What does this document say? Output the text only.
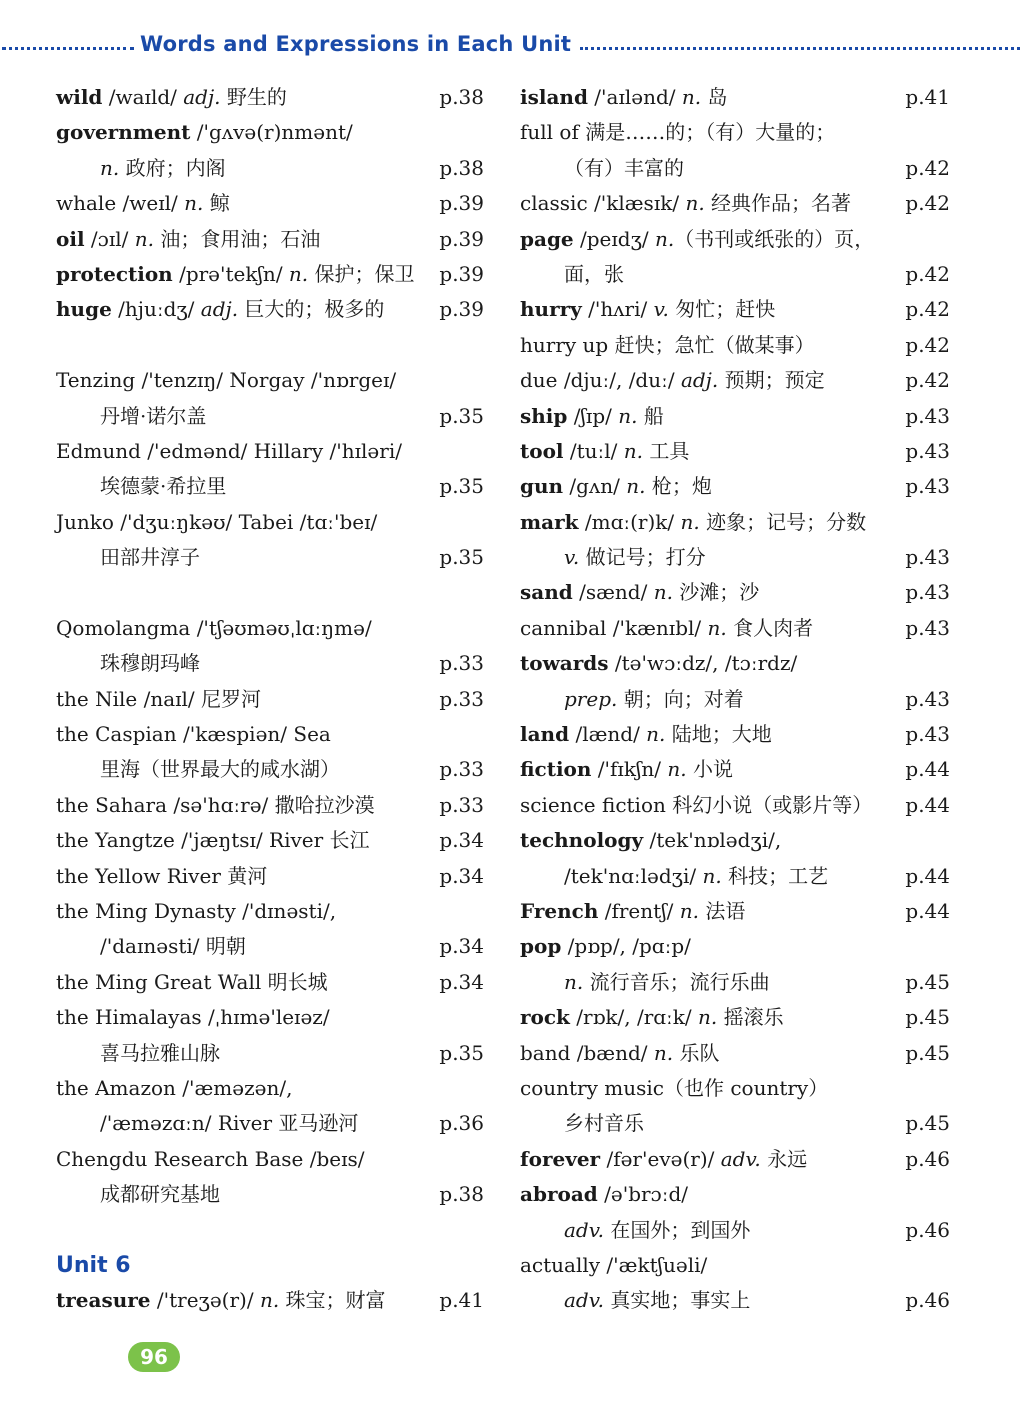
Words and Expressions in Each Unit
wild /waɪld/ adj. 野生的	p.38
government /'gʌvə(r)nmənt/
n. 政府；内阁	p.38
whale /weɪl/ n. 鲸	p.39
oil /ɔɪl/ n. 油；食用油；石油	p.39
protection /prə'tekʃn/ n. 保护；保卫 p.39
huge /hjuːdʒ/ adj. 巨大的；极多的	p.39
Tenzing /'tenzɪŋ/ Norgay /'nɒrgeɪ/
丹增·诺尔盖	p.35
Edmund /'edmənd/ Hillary /'hɪləri/
埃德蒙·希拉里	p.35
Junko /'dʒuːŋkəʊ/ Tabei /tɑː'beɪ/
田部井淳子	p.35
Qomolangma /'tʃəʊməʊˌlɑːŋmə/
珠穆朗玛峰	p.33
the Nile /naɪl/ 尼罗河	p.33
the Caspian /'kæspiən/ Sea
里海（世界最大的咸水湖）	p.33
the Sahara /sə'hɑːrə/ 撒哈拉沙漠	p.33
the Yangtze /'jæŋtsɪ/ River 长江	p.34
the Yellow River 黄河	p.34
the Ming Dynasty /'dɪnəsti/,
/'daɪnəsti/ 明朝	p.34
the Ming Great Wall 明长城	p.34
the Himalayas /ˌhɪmə'leɪəz/
喜马拉雅山脉	p.35
the Amazon /'æməzən/,
/'æməzɑːn/ River 亚马逊河	p.36
Chengdu Research Base /beɪs/
成都研究基地	p.38
Unit 6
treasure /'treʒə(r)/ n. 珠宝；财富	p.41
island /'aɪlənd/ n. 岛	p.41
full of 满是……的；（有）大量的；
（有）丰富的	p.42
classic /'klæsɪk/ n. 经典作品；名著	p.42
page /peɪdʒ/ n.（书刊或纸张的）页，
面，张	p.42
hurry /'hʌri/ v. 匆忙；赶快	p.42
hurry up 赶快；急忙（做某事）	p.42
due /djuː/, /duː/ adj. 预期；预定	p.42
ship /ʃɪp/ n. 船	p.43
tool /tuːl/ n. 工具	p.43
gun /gʌn/ n. 枪；炮	p.43
mark /mɑː(r)k/ n. 迹象；记号；分数
v. 做记号；打分	p.43
sand /sænd/ n. 沙滩；沙	p.43
cannibal /'kænɪbl/ n. 食人肉者	p.43
towards /tə'wɔːdz/, /tɔːrdz/
prep. 朝；向；对着	p.43
land /lænd/ n. 陆地；大地	p.43
fiction /'fɪkʃn/ n. 小说	p.44
science fiction 科幻小说（或影片等） p.44
technology /tek'nɒlədʒi/,
/tek'nɑːlədʒi/ n. 科技；工艺	p.44
French /frentʃ/ n. 法语	p.44
pop /pɒp/, /pɑːp/
n. 流行音乐；流行乐曲	p.45
rock /rɒk/, /rɑːk/ n. 摇滚乐	p.45
band /bænd/ n. 乐队	p.45
country music（也作 country）
乡村音乐	p.45
forever /fər'evə(r)/ adv. 永远	p.46
abroad /ə'brɔːd/
adv. 在国外；到国外	p.46
actually /'æktʃuəli/
adv. 真实地；事实上	p.46
96
